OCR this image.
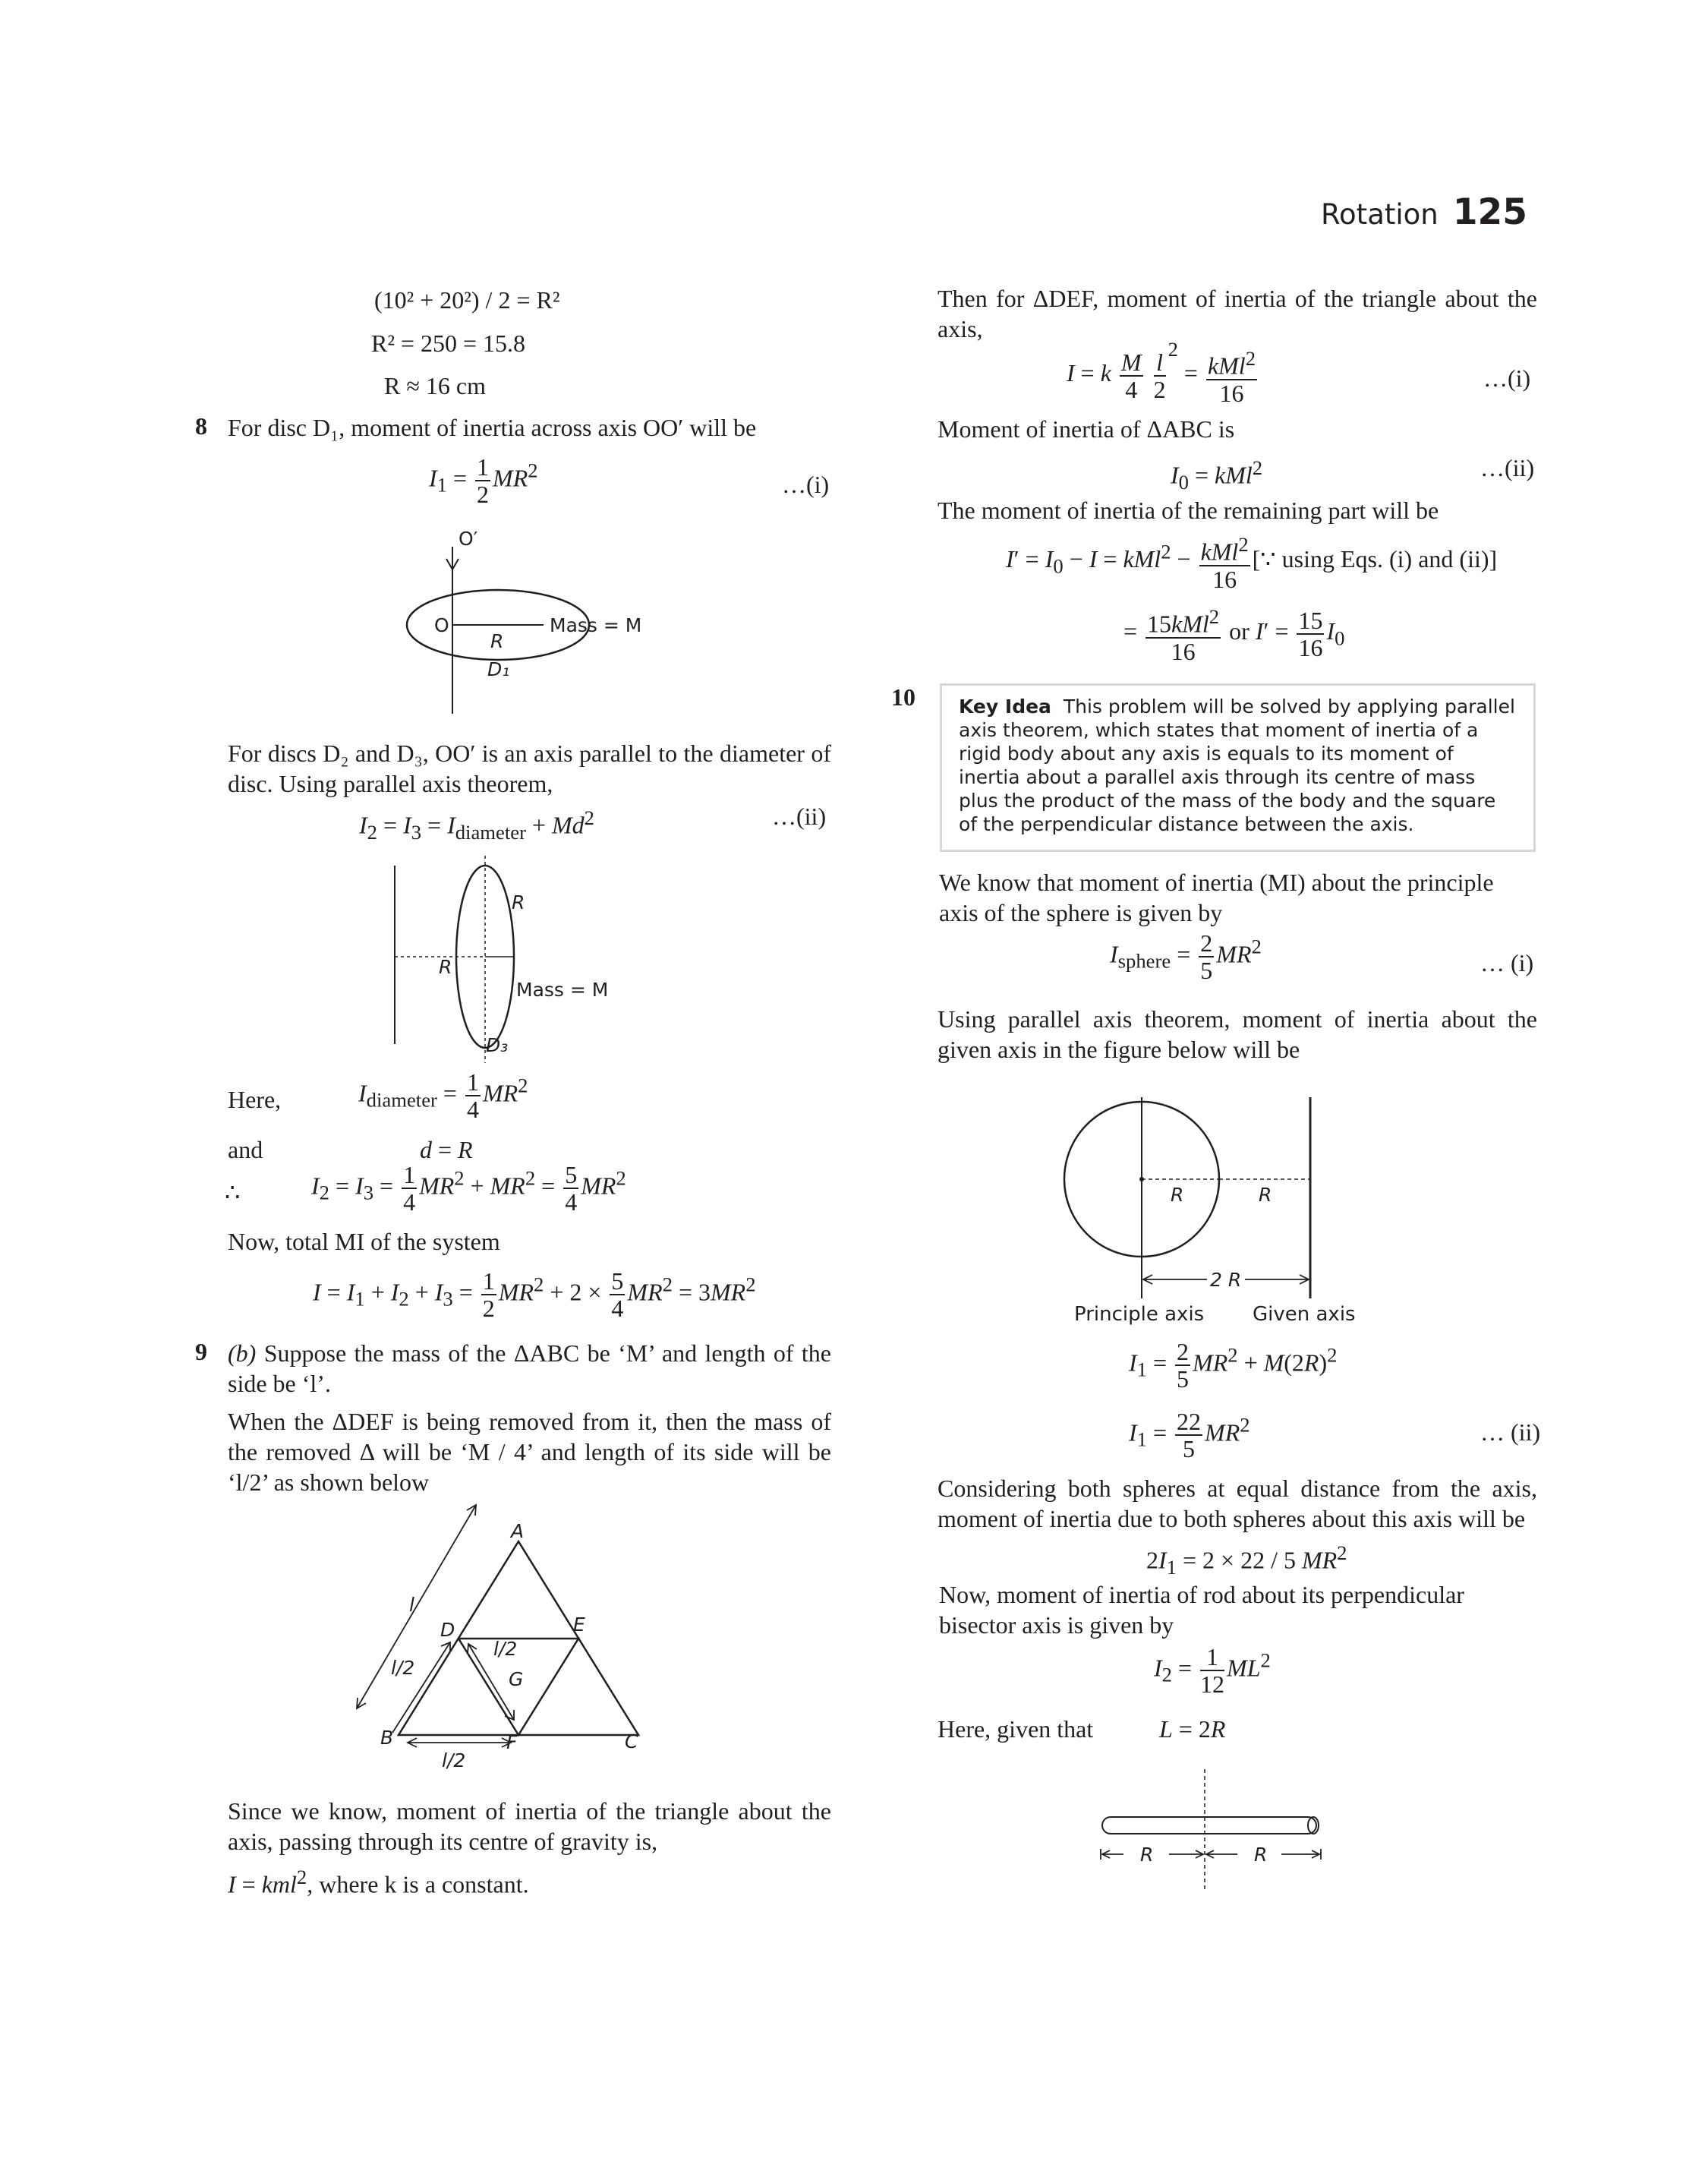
Rotation 125
(10² + 20²) / 2 = R²
R² = 250 = 15.8
R ≈ 16 cm
8 For disc D₁, moment of inertia across axis OO′ will be
$I_1 = \frac{1}{2} MR^2$
…(i)
O′
O
R
Mass = M
D₁
For discs D₂ and D₃, OO′ is an axis parallel to the diameter of disc. Using parallel axis theorem,
$I_2 = I_3 = I_{diameter} + Md^2$	…(ii)
R
R
Mass = M
D₃
Here,	$I_{diameter} = \frac{1}{4} MR^2$
and	d = R
∴	$I_2 = I_3 = \frac{1}{4} MR^2 + MR^2 = \frac{5}{4} MR^2$
Now, total MI of the system
$I = I_1 + I_2 + I_3 = \frac{1}{2} MR^2 + 2 \times \frac{5}{4} MR^2 = 3MR^2$
9 (b) Suppose the mass of the ΔABC be ‘M’ and length of the side be ‘l’.
When the ΔDEF is being removed from it, then the mass of the removed Δ will be ‘M / 4’ and length of its side will be ‘l/2’ as shown below
A
D	E
B	F	C
G
l
l/2
l/2
l/2
Since we know, moment of inertia of the triangle about the axis, passing through its centre of gravity is,
I = kml$^2$, where k is a constant.
Then for ΔDEF, moment of inertia of the triangle about the axis,
I = k $\frac{M}{4}$
$\frac{l}{2}$
$^2 = \frac{kMl^2}{16}$	…(i)
Moment of inertia of ΔABC is
$I_0 = kMl^2$	…(ii)
The moment of inertia of the remaining part will be
$I' = I_0 - I = kMl^2 - \frac{kMl^2}{16}$ [∵ using Eqs. (i) and (ii)]
= $\frac{15kMl^2}{16}$ or $I' = \frac{15}{16} I_0$
10 Key Idea This problem will be solved by applying parallel axis theorem, which states that moment of inertia of a rigid body about any axis is equals to its moment of inertia about a parallel axis through its centre of mass plus the product of the mass of the body and the square of the perpendicular distance between the axis.

We know that moment of inertia (MI) about the principle axis of the sphere is given by
$I_{sphere} = \frac{2}{5} MR^2$
… (i)
Using parallel axis theorem, moment of inertia about the given axis in the figure below will be
R	R
2 R
Principle axis Given axis
$I_1 = \frac{2}{5} MR^2 + M(2R)^2$
$I_1 = \frac{22}{5} MR^2$	… (ii)
Considering both spheres at equal distance from the axis, moment of inertia due to both spheres about this axis will be
$2I_1 = 2 \times 22 / 5$ $MR^2$
Now, moment of inertia of rod about its perpendicular bisector axis is given by
$I_2 = \frac{1}{12} ML^2$
Here, given that	L = 2R
R	R
